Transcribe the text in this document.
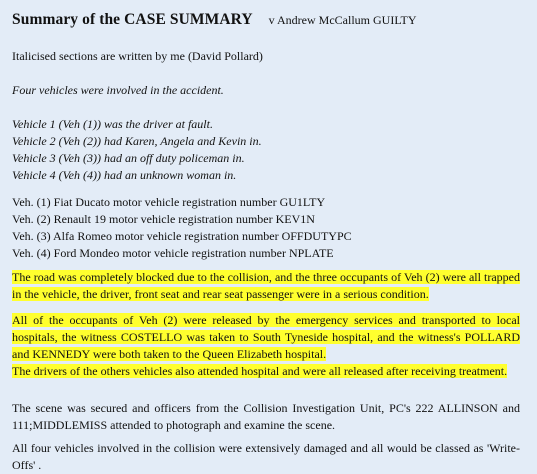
Summary of the CASE SUMMARY v Andrew McCallum GUILTY

Italicised sections are written by me (David Pollard)

Four vehicles were involved in the accident.

Vehicle 1 (Veh (1)) was the driver at fault.

Vehicle 2 (Veh (2)) had Karen, Angela and Kevin in.

Vehicle 3 (Veh (3)) had an off duty policeman in.

Vehicle 4 (Veh (4)) had an unknown woman in.

Veh. (1) Fiat Ducato motor vehicle registration number GU1LTY

Veh. (2) Renault 19 motor vehicle registration number KEV1N

Veh. (3) Alfa Romeo motor vehicle registration number OFFDUTYPC

Veh. (4) Ford Mondeo motor vehicle registration number NPLATE

The road was completely blocked due to the collision, and the three occupants of Veh (2) were all trapped in the vehicle, the driver, front seat and rear seat passenger were in a serious condition.

All of the occupants of Veh (2) were released by the emergency services and transported to local hospitals, the witness COSTELLO was taken to South Tyneside hospital, and the witness's POLLARD and KENNEDY were both taken to the Queen Elizabeth hospital.
The drivers of the others vehicles also attended hospital and were all released after receiving treatment.

The scene was secured and officers from the Collision Investigation Unit, PC's 222 ALLINSON and 111;MIDDLEMISS attended to photograph and examine the scene.

All four vehicles involved in the collision were extensively damaged and all would be classed as 'Write-Offs' .
